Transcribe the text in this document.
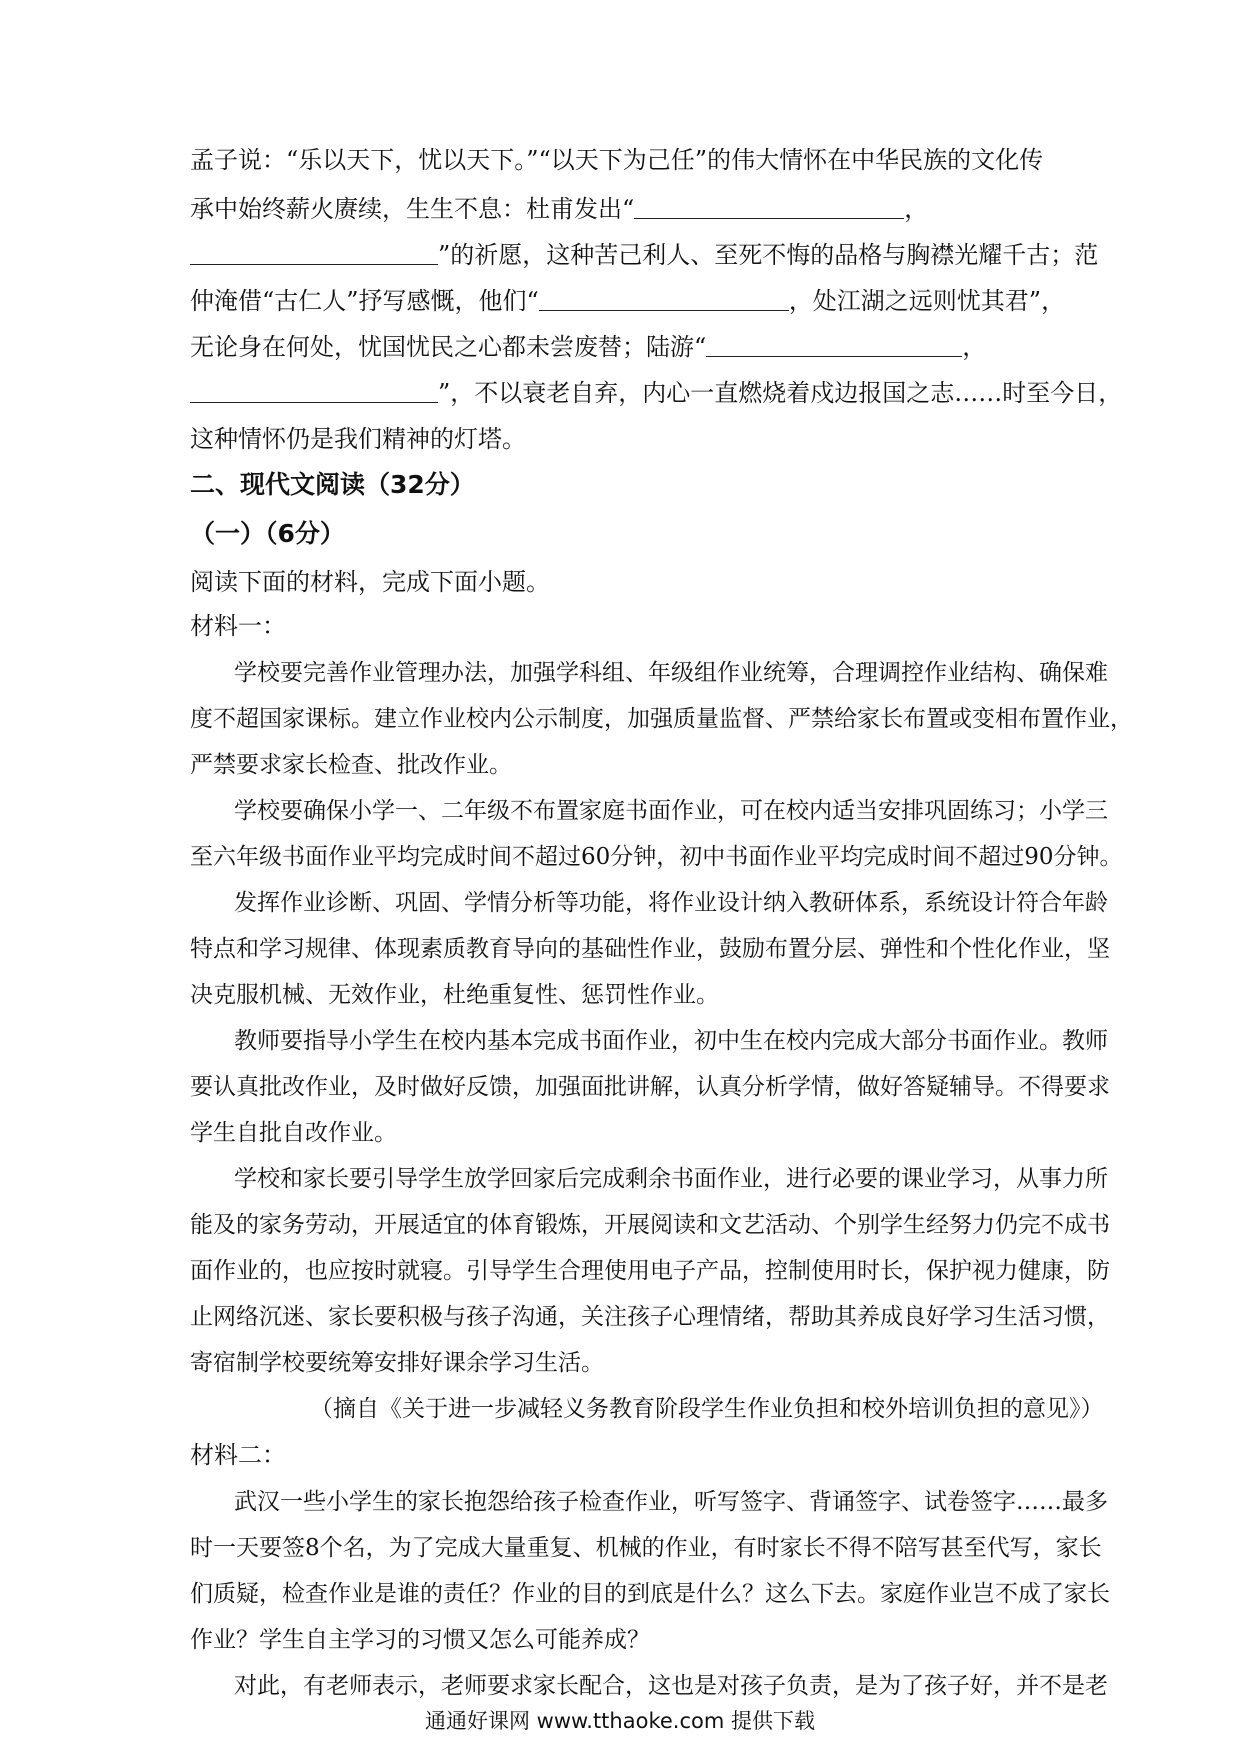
孟子说：“乐以天下，忧以天下。”“以天下为己任”的伟大情怀在中华民族的文化传
承中始终薪火赓续，生生不息：杜甫发出“	，
”的祈愿，这种苦己利人、至死不悔的品格与胸襟光耀千古；范
仲淹借“古仁人”抒写感慨，他们“	，处江湖之远则忧其君”，
无论身在何处，忧国忧民之心都未尝废替；陆游“	，
”，不以衰老自弃，内心一直燃烧着戍边报国之志……时至今日，
这种情怀仍是我们精神的灯塔。
二、现代文阅读（32分）
（一）（6分）
阅读下面的材料，完成下面小题。
材料一：
学校要完善作业管理办法，加强学科组、年级组作业统筹，合理调控作业结构、确保难
度不超国家课标。建立作业校内公示制度，加强质量监督、严禁给家长布置或变相布置作业，
严禁要求家长检查、批改作业。
学校要确保小学一、二年级不布置家庭书面作业，可在校内适当安排巩固练习；小学三
至六年级书面作业平均完成时间不超过60分钟，初中书面作业平均完成时间不超过90分钟。
发挥作业诊断、巩固、学情分析等功能，将作业设计纳入教研体系，系统设计符合年龄
特点和学习规律、体现素质教育导向的基础性作业，鼓励布置分层、弹性和个性化作业，坚
决克服机械、无效作业，杜绝重复性、惩罚性作业。
教师要指导小学生在校内基本完成书面作业，初中生在校内完成大部分书面作业。教师
要认真批改作业，及时做好反馈，加强面批讲解，认真分析学情，做好答疑辅导。不得要求
学生自批自改作业。
学校和家长要引导学生放学回家后完成剩余书面作业，进行必要的课业学习，从事力所
能及的家务劳动，开展适宜的体育锻炼，开展阅读和文艺活动、个别学生经努力仍完不成书
面作业的，也应按时就寝。引导学生合理使用电子产品，控制使用时长，保护视力健康，防
止网络沉迷、家长要积极与孩子沟通，关注孩子心理情绪，帮助其养成良好学习生活习惯，
寄宿制学校要统筹安排好课余学习生活。
（摘自《关于进一步减轻义务教育阶段学生作业负担和校外培训负担的意见》）
材料二：
武汉一些小学生的家长抱怨给孩子检查作业，听写签字、背诵签字、试卷签字……最多
时一天要签8个名，为了完成大量重复、机械的作业，有时家长不得不陪写甚至代写，家长
们质疑，检查作业是谁的责任？作业的目的到底是什么？这么下去。家庭作业岂不成了家长
作业？学生自主学习的习惯又怎么可能养成？
对此，有老师表示，老师要求家长配合，这也是对孩子负责，是为了孩子好，并不是老
通通好课网 www.tthaoke.com 提供下载
